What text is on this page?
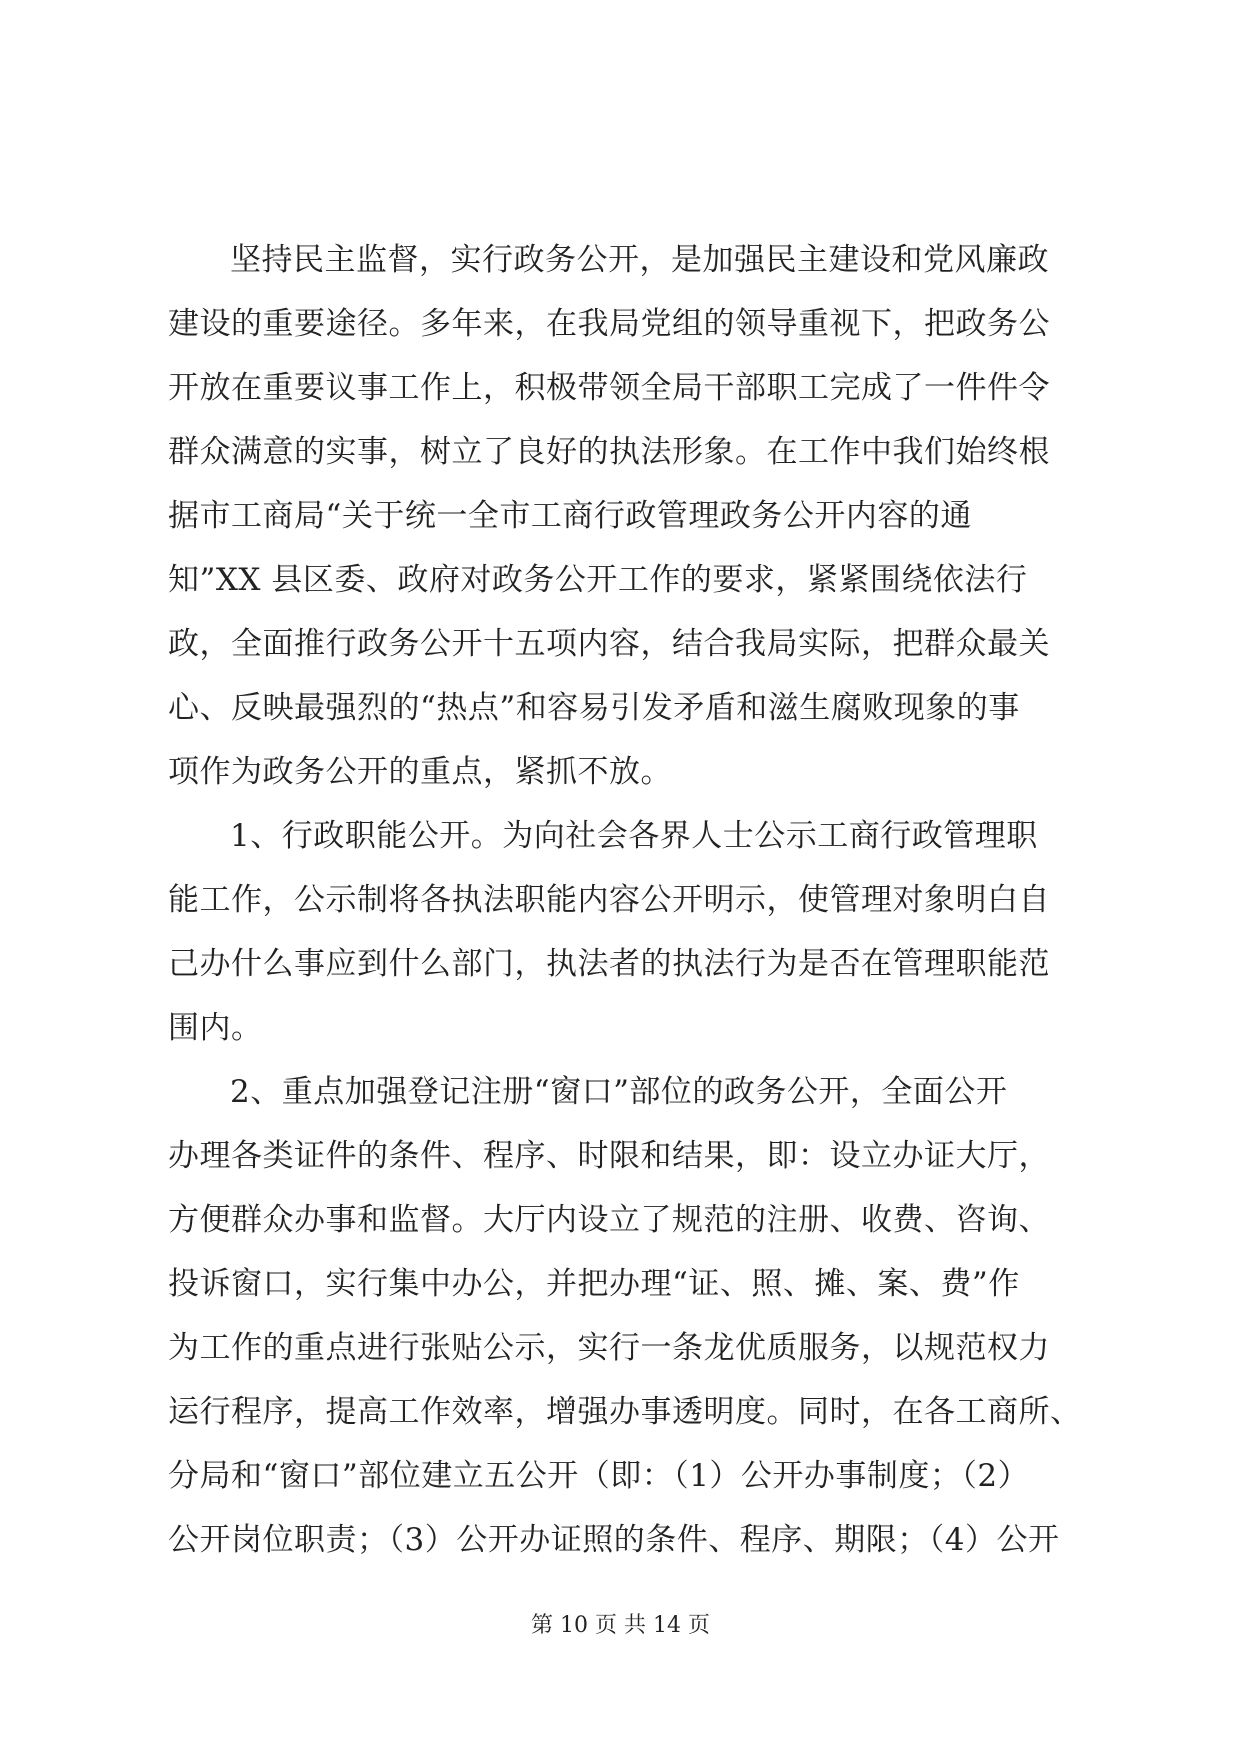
坚持民主监督，实行政务公开，是加强民主建设和党风廉政
建设的重要途径。多年来，在我局党组的领导重视下，把政务公
开放在重要议事工作上，积极带领全局干部职工完成了一件件令
群众满意的实事，树立了良好的执法形象。在工作中我们始终根
据市工商局“关于统一全市工商行政管理政务公开内容的通
知”XX 县区委、政府对政务公开工作的要求，紧紧围绕依法行
政，全面推行政务公开十五项内容，结合我局实际，把群众最关
心、反映最强烈的“热点”和容易引发矛盾和滋生腐败现象的事
项作为政务公开的重点，紧抓不放。
1、行政职能公开。为向社会各界人士公示工商行政管理职
能工作，公示制将各执法职能内容公开明示，使管理对象明白自
己办什么事应到什么部门，执法者的执法行为是否在管理职能范
围内。
2、重点加强登记注册“窗口”部位的政务公开，全面公开
办理各类证件的条件、程序、时限和结果，即：设立办证大厅，
方便群众办事和监督。大厅内设立了规范的注册、收费、咨询、
投诉窗口，实行集中办公，并把办理“证、照、摊、案、费”作
为工作的重点进行张贴公示，实行一条龙优质服务，以规范权力
运行程序，提高工作效率，增强办事透明度。同时，在各工商所、
分局和“窗口”部位建立五公开（即：（1）公开办事制度；（2）
公开岗位职责；（3）公开办证照的条件、程序、期限；（4）公开
第 10 页 共 14 页
